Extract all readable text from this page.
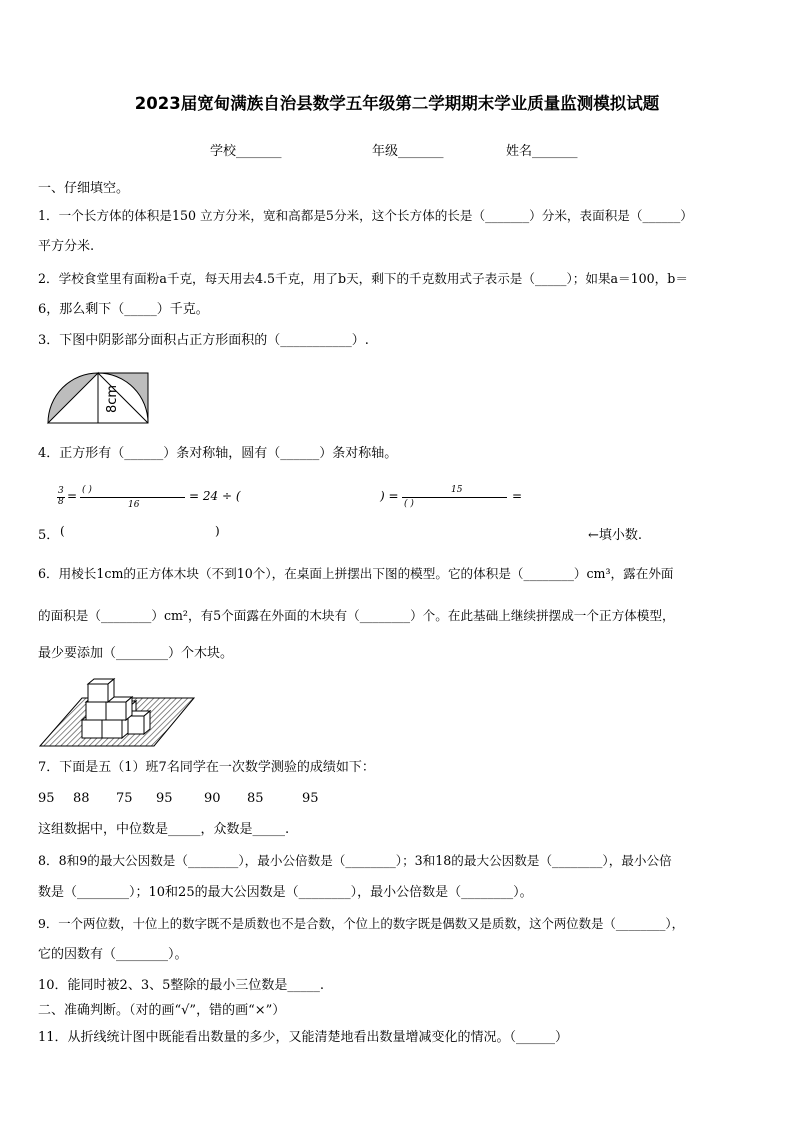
2023届宽甸满族自治县数学五年级第二学期期末学业质量监测模拟试题
学校_______	年级_______	姓名_______
一、仔细填空。
1．一个长方体的体积是150 立方分米，宽和高都是5分米，这个长方体的长是（_______）分米，表面积是（______）
平方分米.
2．学校食堂里有面粉a千克，每天用去4.5千克，用了b天，剩下的千克数用式子表示是（_____）；如果a＝100，b＝
6，那么剩下（_____）千克。
3．下图中阴影部分面积占正方形面积的（___________）.
8cm
4．正方形有（______）条对称轴，圆有（______）条对称轴。
3
8 = ( )
16
= 24 ÷ (	) =	15
( )
=
5． (	)	←填小数.
6．用棱长1cm的正方体木块（不到10个），在桌面上拼摆出下图的模型。它的体积是（________）cm³，露在外面
的面积是（________）cm²，有5个面露在外面的木块有（________）个。在此基础上继续拼摆成一个正方体模型，
最少要添加（________）个木块。
7．下面是五（1）班7名同学在一次数学测验的成绩如下：
95 88 75 95 90 85	95
这组数据中，中位数是_____，众数是_____.
8．8和9的最大公因数是（________），最小公倍数是（________）；3和18的最大公因数是（________），最小公倍
数是（________）；10和25的最大公因数是（________），最小公倍数是（________）。
9．一个两位数，十位上的数字既不是质数也不是合数，个位上的数字既是偶数又是质数，这个两位数是（________），
它的因数有（________）。
10．能同时被2、3、5整除的最小三位数是_____.
二、准确判断。（对的画“√”，错的画“×”）
11．从折线统计图中既能看出数量的多少，又能清楚地看出数量增减变化的情况。（______）
